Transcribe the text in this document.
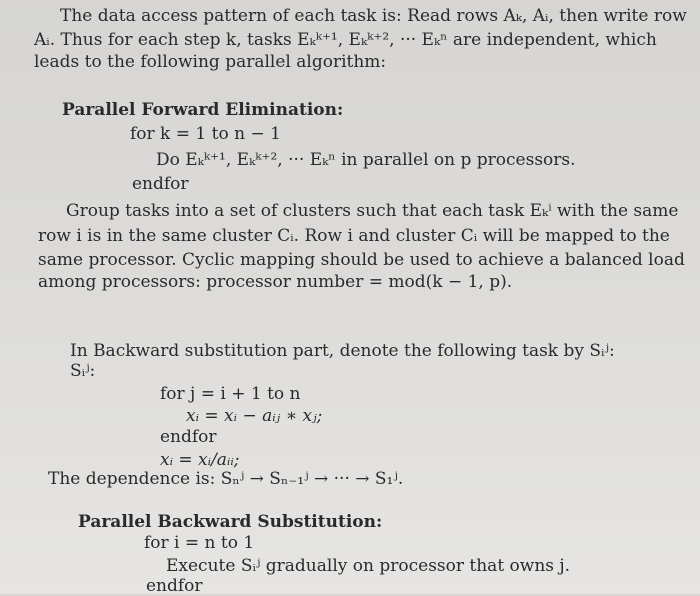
The data access pattern of each task is: Read rows Aₖ, Aᵢ, then write row
Aᵢ. Thus for each step k, tasks Eₖᵏ⁺¹, Eₖᵏ⁺², ··· Eₖⁿ are independent, which
leads to the following parallel algorithm:
Parallel Forward Elimination:
for k = 1 to n − 1
Do Eₖᵏ⁺¹, Eₖᵏ⁺², ··· Eₖⁿ in parallel on p processors.
endfor
Group tasks into a set of clusters such that each task Eₖⁱ with the same
row i is in the same cluster Cᵢ. Row i and cluster Cᵢ will be mapped to the
same processor. Cyclic mapping should be used to achieve a balanced load
among processors: processor number = mod(k − 1, p).
In Backward substitution part, denote the following task by Sᵢʲ:
Sᵢʲ:
for j = i + 1 to n
xᵢ = xᵢ − aᵢⱼ ∗ xⱼ;
endfor
xᵢ = xᵢ/aᵢᵢ;
The dependence is: Sₙʲ → Sₙ₋₁ʲ → ··· → S₁ʲ.
Parallel Backward Substitution:
for i = n to 1
Execute Sᵢʲ gradually on processor that owns j.
endfor
